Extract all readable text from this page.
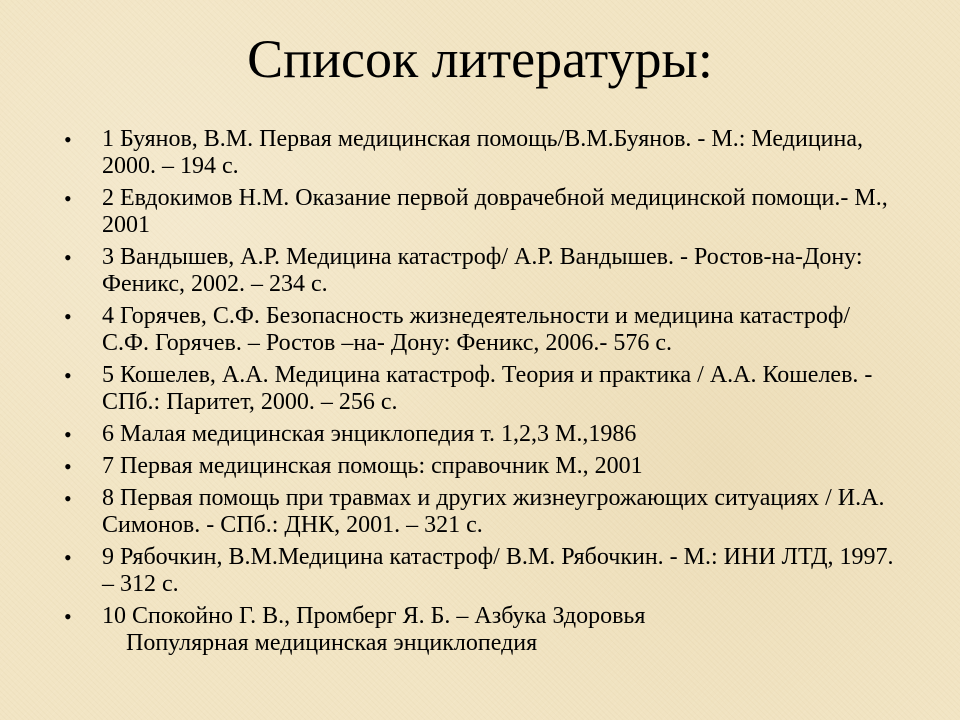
Список литературы:
• 1 Буянов, В.М. Первая медицинская помощь/В.М.Буянов. - М.: Медицина, 2000. – 194 с.
• 2 Евдокимов Н.М. Оказание первой доврачебной медицинской помощи.- М., 2001
• 3 Вандышев, А.Р. Медицина катастроф/ А.Р. Вандышев. - Ростов-на-Дону: Феникс, 2002. – 234 с.
• 4 Горячев, С.Ф. Безопасность жизнедеятельности и медицина катастроф/ С.Ф. Горячев. – Ростов –на- Дону: Феникс, 2006.- 576 с.
• 5 Кошелев, А.А. Медицина катастроф. Теория и практика / А.А. Кошелев. - СПб.: Паритет, 2000. – 256 с.
• 6 Малая медицинская энциклопедия т. 1,2,3 М.,1986
• 7 Первая медицинская помощь: справочник М., 2001
• 8 Первая помощь при травмах и других жизнеугрожающих ситуациях / И.А. Симонов. - СПб.: ДНК, 2001. – 321 с.
• 9 Рябочкин, В.М.Медицина катастроф/ В.М. Рябочкин. - М.: ИНИ ЛТД, 1997. – 312 с.
• 10 Спокойно Г. В., Промберг Я. Б. – Азбука Здоровья
Популярная медицинская энциклопедия
